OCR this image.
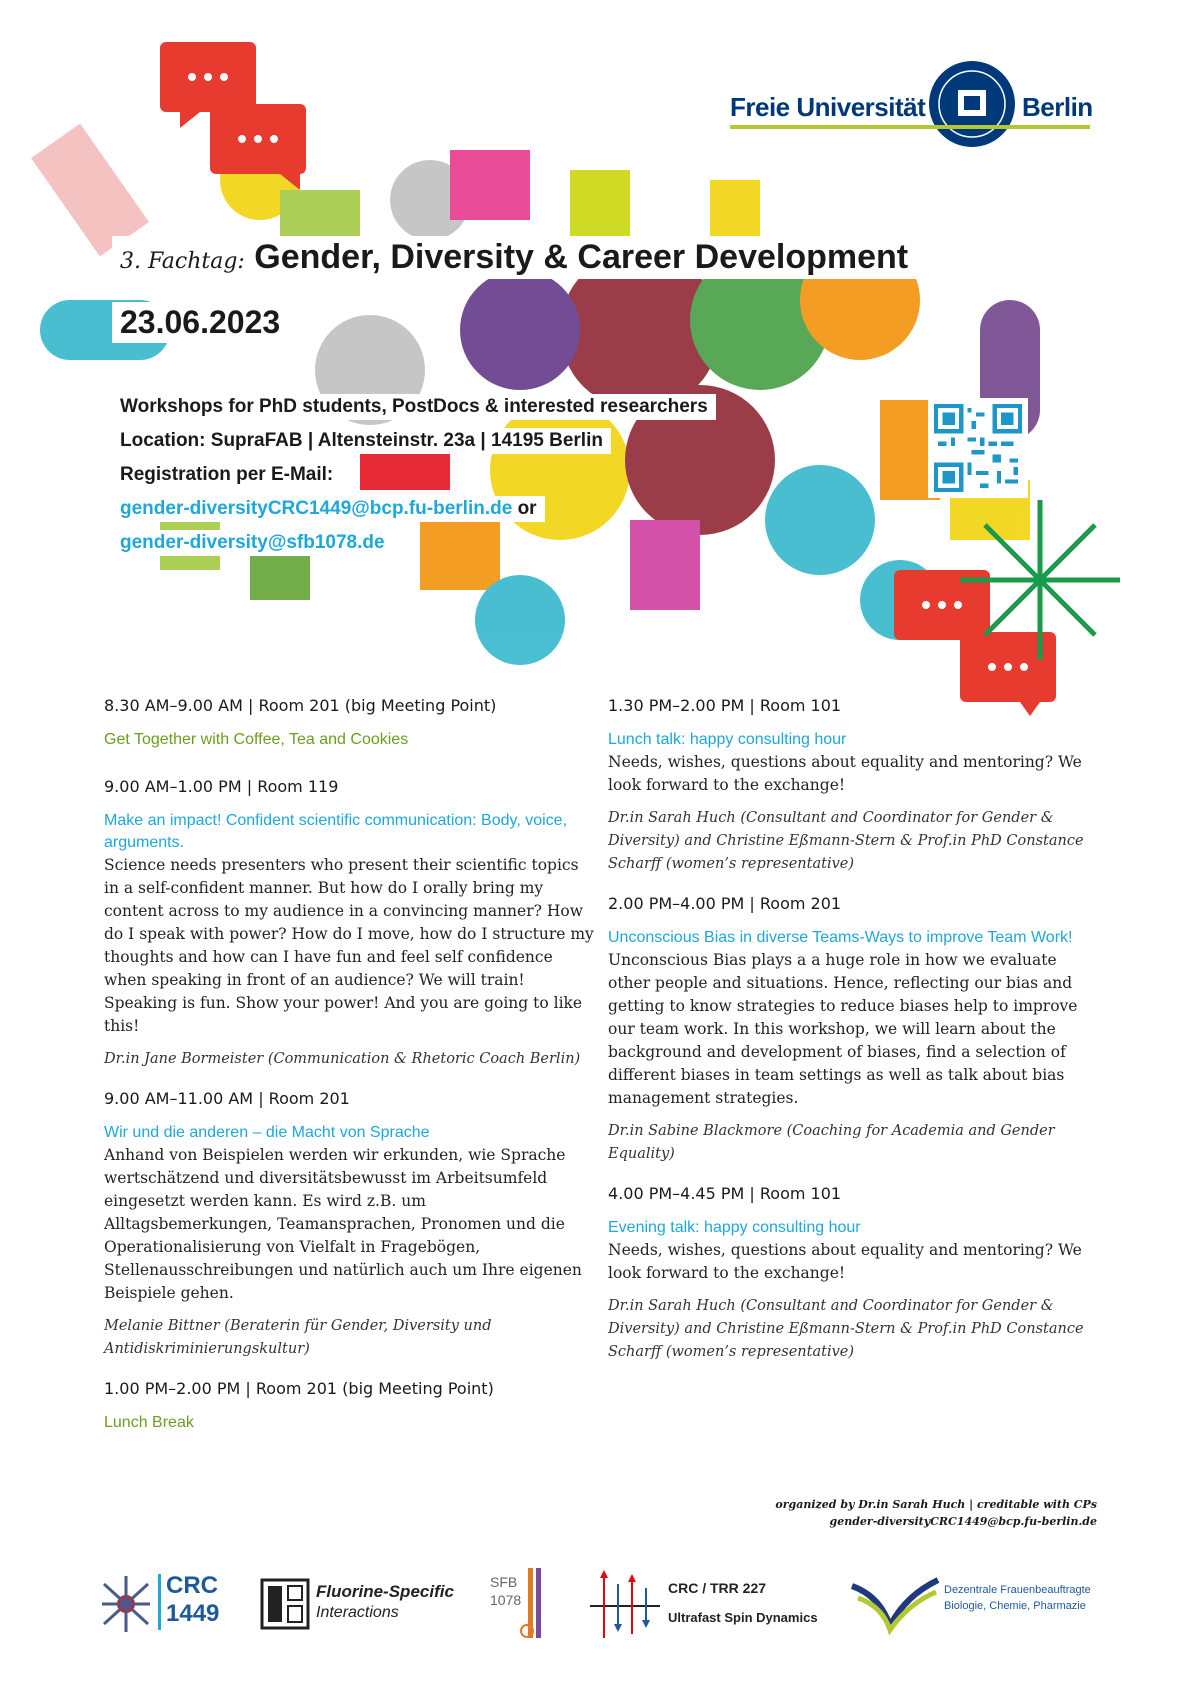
Freie Universität	Berlin
3. Fachtag: Gender, Diversity & Career Development
23.06.2023
Workshops for PhD students, PostDocs & interested researchers
Location: SupraFAB | Altensteinstr. 23a | 14195 Berlin
Registration per E-Mail:
gender-diversityCRC1449@bcp.fu-berlin.de or
gender-diversity@sfb1078.de
8.30 AM–9.00 AM | Room 201 (big Meeting Point)
Get Together with Coffee, Tea and Cookies
9.00 AM–1.00 PM | Room 119
Make an impact! Confident scientific communication: Body, voice, arguments.
Science needs presenters who present their scientific topics in a self-confident manner. But how do I orally bring my content across to my audience in a convincing manner? How do I speak with power? How do I move, how do I structure my thoughts and how can I have fun and feel self confidence when speaking in front of an audience? We will train! Speaking is fun. Show your power! And you are going to like this!
Dr.in Jane Bormeister (Communication & Rhetoric Coach Berlin)
9.00 AM–11.00 AM | Room 201
Wir und die anderen – die Macht von Sprache
Anhand von Beispielen werden wir erkunden, wie Sprache wertschätzend und diversitätsbewusst im Arbeitsumfeld eingesetzt werden kann. Es wird z.B. um Alltagsbemerkungen, Teamansprachen, Pronomen und die Operationalisierung von Vielfalt in Fragebögen, Stellenausschreibungen und natürlich auch um Ihre eigenen Beispiele gehen.
Melanie Bittner (Beraterin für Gender, Diversity und Antidiskriminierungskultur)
1.00 PM–2.00 PM | Room 201 (big Meeting Point)
Lunch Break
1.30 PM–2.00 PM | Room 101
Lunch talk: happy consulting hour
Needs, wishes, questions about equality and mentoring? We look forward to the exchange!
Dr.in Sarah Huch (Consultant and Coordinator for Gender & Diversity) and Christine Eßmann-Stern & Prof.in PhD Constance Scharff (women’s representative)
2.00 PM–4.00 PM | Room 201
Unconscious Bias in diverse Teams-Ways to improve Team Work!
Unconscious Bias plays a a huge role in how we evaluate other people and situations. Hence, reflecting our bias and getting to know strategies to reduce biases help to improve our team work. In this workshop, we will learn about the background and development of biases, find a selection of different biases in team settings as well as talk about bias management strategies.
Dr.in Sabine Blackmore (Coaching for Academia and Gender Equality)
4.00 PM–4.45 PM | Room 101
Evening talk: happy consulting hour
Needs, wishes, questions about equality and mentoring? We look forward to the exchange!
Dr.in Sarah Huch (Consultant and Coordinator for Gender & Diversity) and Christine Eßmann-Stern & Prof.in PhD Constance Scharff (women’s representative)
organized by Dr.in Sarah Huch | creditable with CPs
gender-diversityCRC1449@bcp.fu-berlin.de
CRC
1449
Fluorine-Specific
Interactions
SFB
1078
CRC / TRR 227
Ultrafast Spin Dynamics
Dezentrale Frauenbeauftragte
Biologie, Chemie, Pharmazie
